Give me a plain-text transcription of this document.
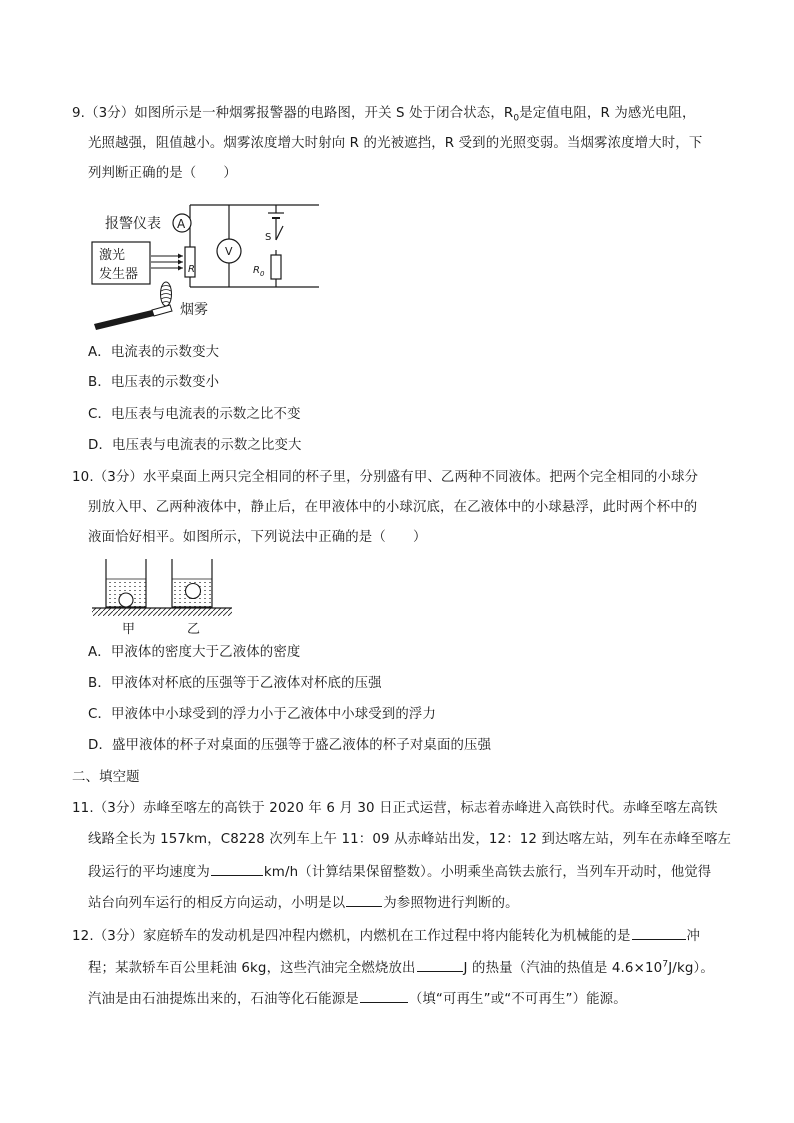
9.（3分）如图所示是一种烟雾报警器的电路图，开关 S 处于闭合状态，$R_0$是定值电阻，R 为感光电阻，
光照越强，阻值越小。烟雾浓度增大时射向 R 的光被遮挡，R 受到的光照变弱。当烟雾浓度增大时，下
列判断正确的是（　　）
报警仪表
S
A
R
V
$R_0$
激光
发生器
烟雾
A．电流表的示数变大
B．电压表的示数变小
C．电压表与电流表的示数之比不变
D．电压表与电流表的示数之比变大
10.（3分）水平桌面上两只完全相同的杯子里，分别盛有甲、乙两种不同液体。把两个完全相同的小球分
别放入甲、乙两种液体中，静止后，在甲液体中的小球沉底，在乙液体中的小球悬浮，此时两个杯中的
液面恰好相平。如图所示，下列说法中正确的是（　　）
甲	乙
A．甲液体的密度大于乙液体的密度
B．甲液体对杯底的压强等于乙液体对杯底的压强
C．甲液体中小球受到的浮力小于乙液体中小球受到的浮力
D．盛甲液体的杯子对桌面的压强等于盛乙液体的杯子对桌面的压强
二、填空题
11.（3分）赤峰至喀左的高铁于 2020 年 6 月 30 日正式运营，标志着赤峰进入高铁时代。赤峰至喀左高铁
线路全长为 157km，C8228 次列车上午 11：09 从赤峰站出发，12：12 到达喀左站，列车在赤峰至喀左
段运行的平均速度为	km/h（计算结果保留整数）。小明乘坐高铁去旅行，当列车开动时，他觉得
站台向列车运行的相反方向运动，小明是以	为参照物进行判断的。
12.（3分）家庭轿车的发动机是四冲程内燃机，内燃机在工作过程中将内能转化为机械能的是	冲
程；某款轿车百公里耗油 6kg，这些汽油完全燃烧放出	J 的热量（汽油的热值是 $4.6\times 10^7J/kg$）。
汽油是由石油提炼出来的，石油等化石能源是	（填“可再生”或“不可再生”）能源。
